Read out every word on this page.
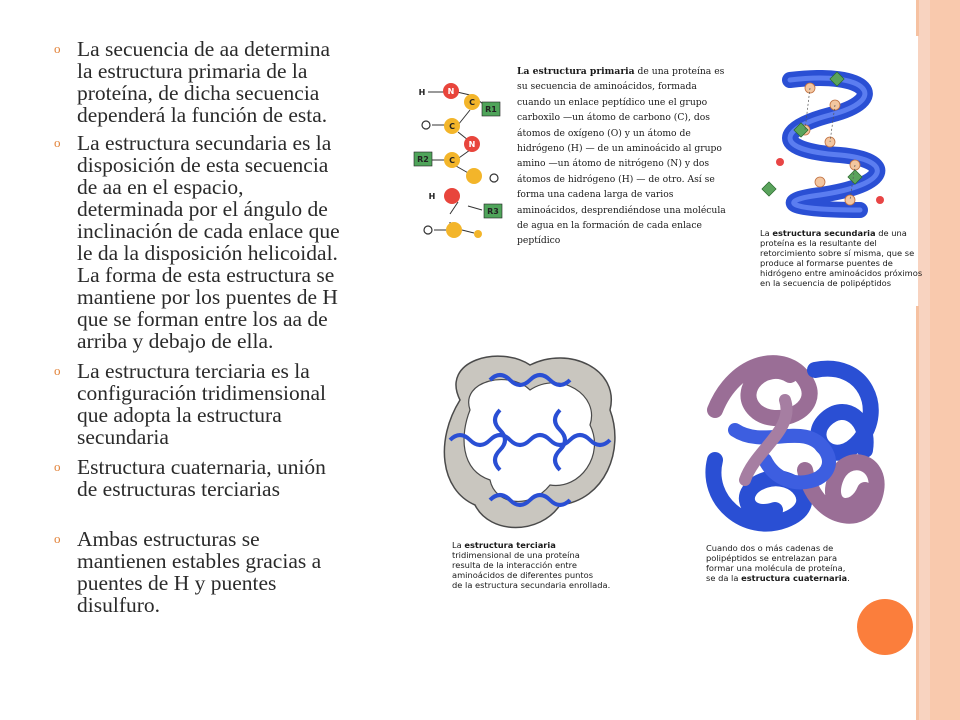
o La secuencia de aa determina
la estructura primaria de la
proteína, de dicha secuencia
dependerá la función de esta.
o La estructura secundaria es la
disposición de esta secuencia
de aa en el espacio,
determinada por el ángulo de
inclinación de cada enlace que
le da la disposición helicoidal.
La forma de esta estructura se
mantiene por los puentes de H
que se forman entre los aa de
arriba y debajo de ella.
o La estructura terciaria es la
configuración tridimensional
que adopta la estructura
secundaria
o Estructura cuaternaria, unión
de estructuras terciarias
o Ambas estructuras se
mantienen estables gracias a
puentes de H y puentes
disulfuro.
H	N
C
R1
C
N
R2	C
H
R3
La estructura primaria de una proteína es su secuencia de aminoácidos, formada cuando un enlace peptídico une el grupo carboxilo —un átomo de carbono (C), dos átomos de oxígeno (O) y un átomo de hidrógeno (H) — de un aminoácido al grupo amino —un átomo de nitrógeno (N) y dos átomos de hidrógeno (H) — de otro. Así se forma una cadena larga de varios aminoácidos, desprendiéndose una molécula de agua en la formación de cada enlace peptídico
La estructura secundaria de una proteína es la resultante del retorcimiento sobre sí misma, que se produce al formarse puentes de hidrógeno entre aminoácidos próximos en la secuencia de polipéptidos
La estructura terciaria
tridimensional de una proteína
resulta de la interacción entre
aminoácidos de diferentes puntos
de la estructura secundaria enrollada.
Cuando dos o más cadenas de
polipéptidos se entrelazan para
formar una molécula de proteína,
se da la estructura cuaternaria.
